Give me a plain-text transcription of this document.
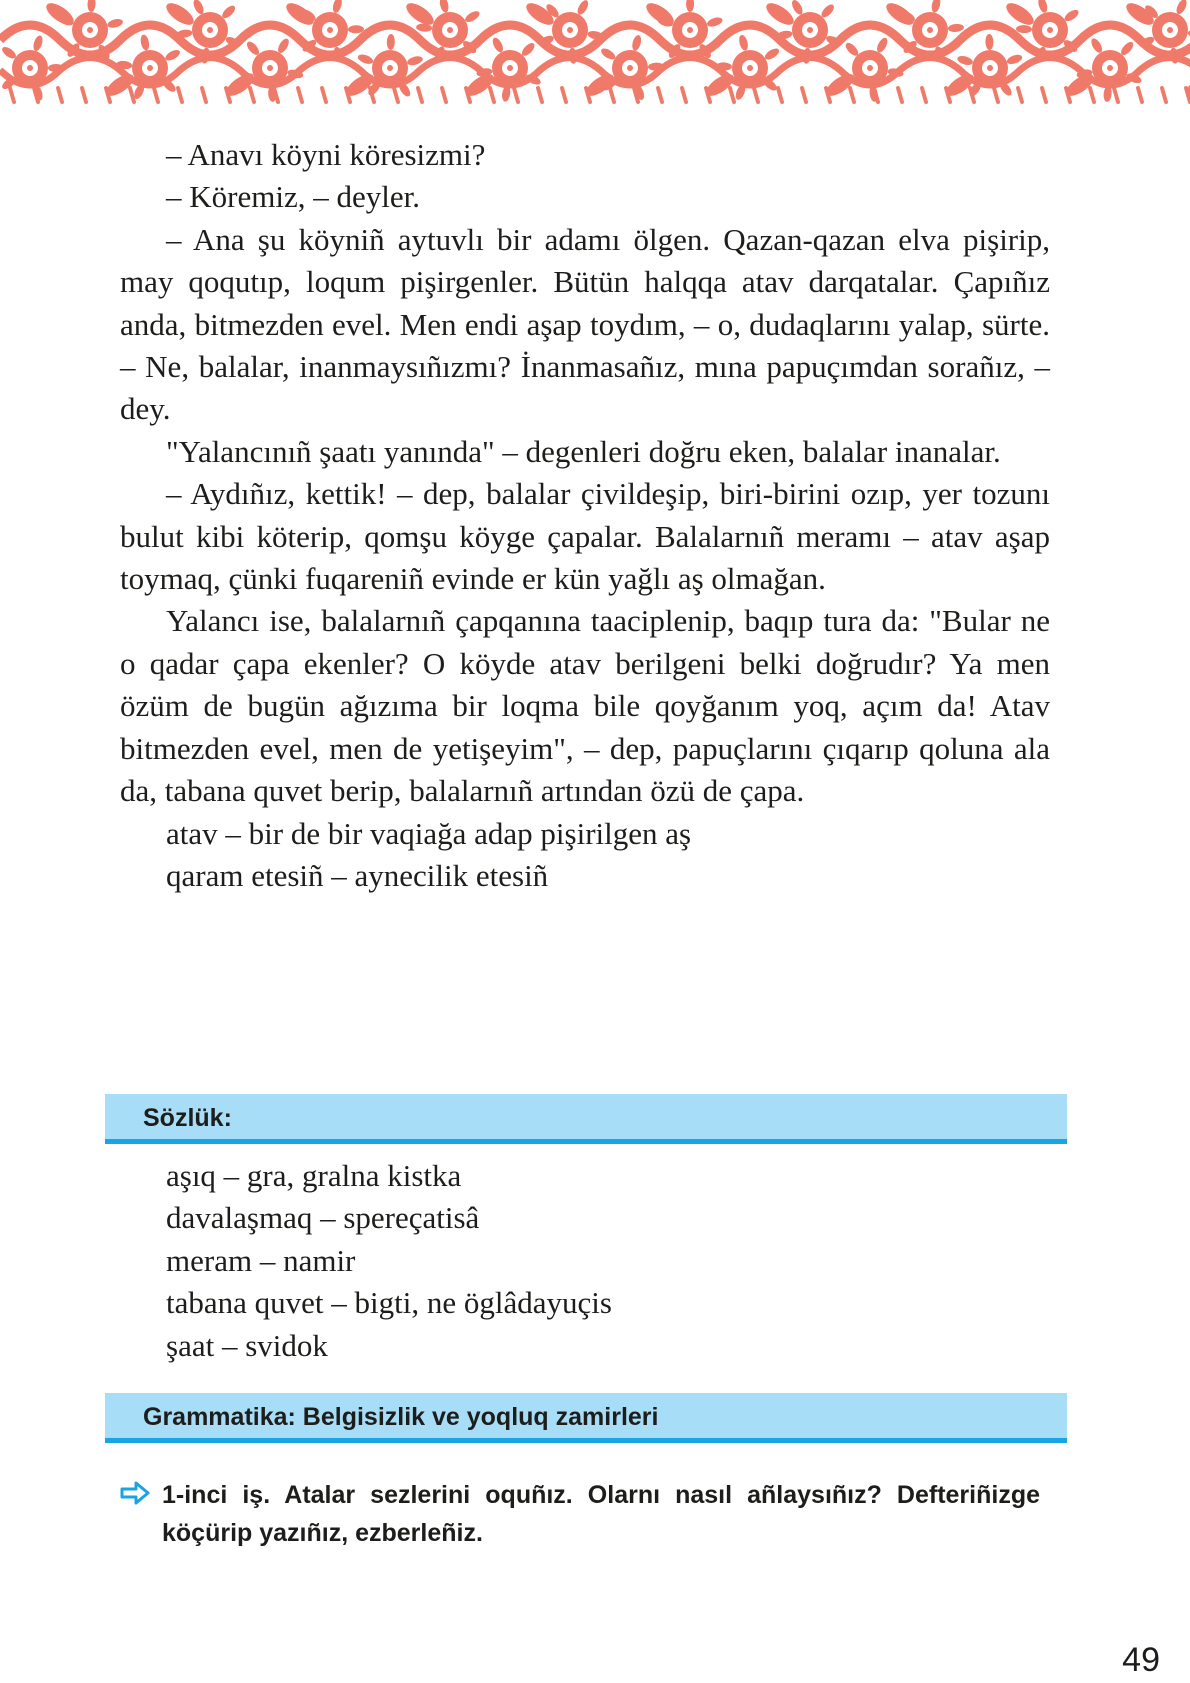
– Anavı köyni köresizmi?

– Köremiz, – deyler.

– Ana şu köyniñ aytuvlı bir adamı ölgen. Qazan-qazan elva pişirip, may qoqutıp, loqum pişirgenler. Bütün halqqa atav darqatalar. Çapıñız anda, bitmezden evel. Men endi aşap toydım, – o, dudaqlarını yalap, sürte. – Ne, balalar, inanmaysıñızmı? İnanmasañız, mına papuçımdan sorañız, – dey.

"Yalancınıñ şaatı yanında" – degenleri doğru eken, balalar inanalar.

– Aydıñız, kettik! – dep, balalar çivildeşip, biri-birini ozıp, yer tozunı bulut kibi köterip, qomşu köyge çapalar. Balalarnıñ meramı – atav aşap toymaq, çünki fuqareniñ evinde er kün yağlı aş olmağan.

Yalancı ise, balalarnıñ çapqanına taaciplenip, baqıp tura da: "Bular ne o qadar çapa ekenler? O köyde atav berilgeni belki doğrudır? Ya men özüm de bugün ağızıma bir loqma bile qoyğanım yoq, açım da! Atav bitmezden evel, men de yetişeyim", – dep, papuçlarını çıqarıp qoluna ala da, tabana quvet berip, balalarnıñ artından özü de çapa.

atav – bir de bir vaqiağa adap pişirilgen aş
qaram etesiñ – aynecilik etesiñ
Sözlük:
aşıq – gra, gralna kistka
davalaşmaq – spereçatisâ
meram – namir
tabana quvet – bigti, ne öglâdayuçis
şaat – svidok
Grammatika: Belgisizlik ve yoqluq zamirleri

1-inci iş. Atalar sezlerini oquñız. Olarnı nasıl añlaysıñız? Defteriñizge köçürip yazıñız, ezberleñiz.

49
